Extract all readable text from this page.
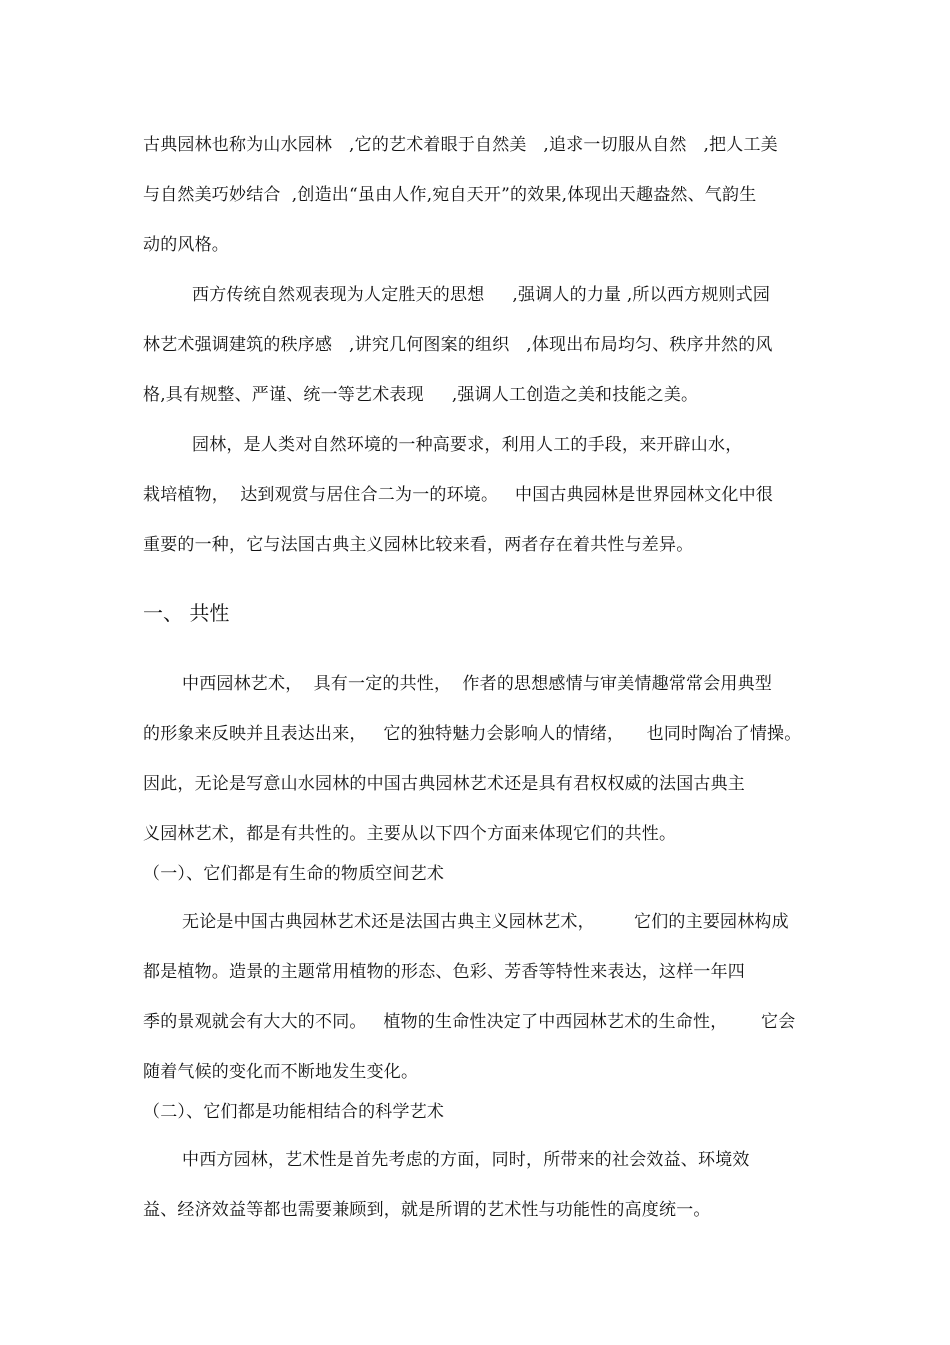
古典园林也称为山水园林   ,它的艺术着眼于自然美   ,追求一切服从自然   ,把人工美
与自然美巧妙结合  ,创造出“虽由人作,宛自天开”的效果,体现出天趣盎然、气韵生
动的风格。
西方传统自然观表现为人定胜天的思想     ,强调人的力量 ,所以西方规则式园
林艺术强调建筑的秩序感   ,讲究几何图案的组织   ,体现出布局均匀、秩序井然的风
格,具有规整、严谨、统一等艺术表现     ,强调人工创造之美和技能之美。
园林，是人类对自然环境的一种高要求，利用人工的手段，来开辟山水，
栽培植物，  达到观赏与居住合二为一的环境。   中国古典园林是世界园林文化中很
重要的一种，它与法国古典主义园林比较来看，两者存在着共性与差异。
一、 共性
中西园林艺术，  具有一定的共性，  作者的思想感情与审美情趣常常会用典型
的形象来反映并且表达出来，   它的独特魅力会影响人的情绪，    也同时陶冶了情操。
因此，无论是写意山水园林的中国古典园林艺术还是具有君权权威的法国古典主
义园林艺术，都是有共性的。主要从以下四个方面来体现它们的共性。
（一）、它们都是有生命的物质空间艺术
无论是中国古典园林艺术还是法国古典主义园林艺术，       它们的主要园林构成
都是植物。造景的主题常用植物的形态、色彩、芳香等特性来表达，这样一年四
季的景观就会有大大的不同。   植物的生命性决定了中西园林艺术的生命性，      它会
随着气候的变化而不断地发生变化。
（二）、它们都是功能相结合的科学艺术
中西方园林，艺术性是首先考虑的方面，同时，所带来的社会效益、环境效
益、经济效益等都也需要兼顾到，就是所谓的艺术性与功能性的高度统一。
